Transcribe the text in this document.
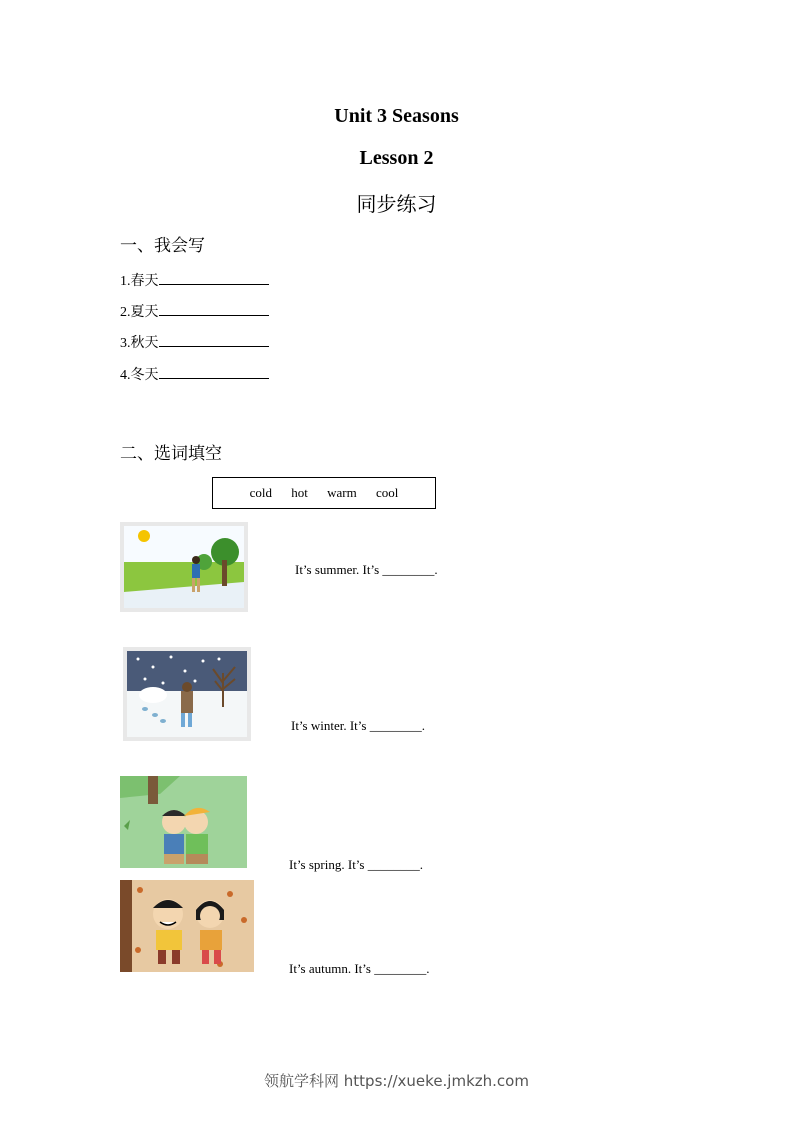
Unit 3 Seasons
Lesson 2
同步练习
一、我会写
1.春天
2.夏天
3.秋天
4.冬天
二、选词填空
cold hot warm cool
It’s summer. It’s ________.
It’s winter. It’s ________.
It’s spring. It’s ________.
It’s autumn. It’s ________.
领航学科网 https://xueke.jmkzh.com
